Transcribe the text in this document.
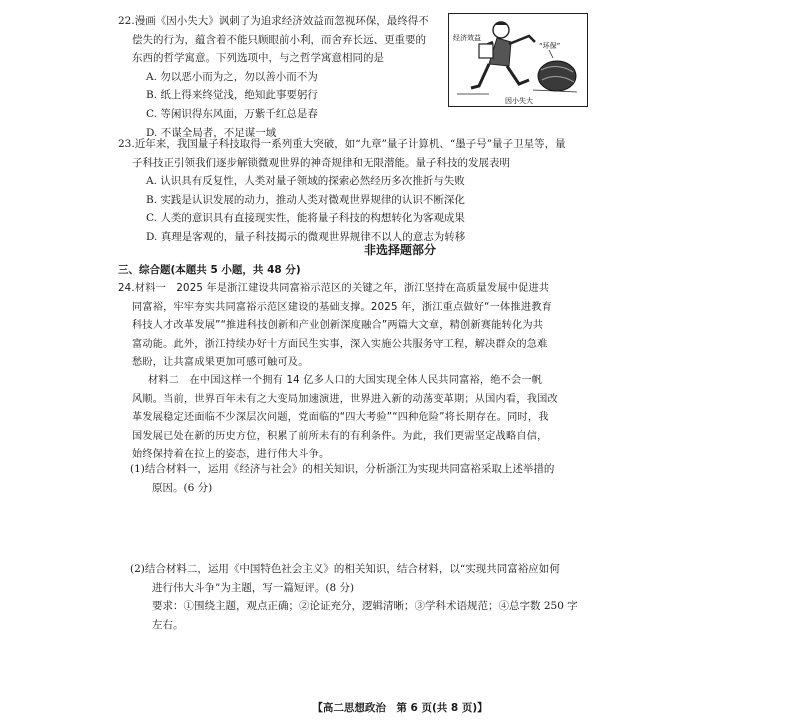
22.漫画《因小失大》讽刺了为追求经济效益而忽视环保，最终得不
偿失的行为，蕴含着不能只顾眼前小利，而舍弃长远、更重要的
东西的哲学寓意。下列选项中，与之哲学寓意相同的是
A. 勿以恶小而为之，勿以善小而不为
B. 纸上得来终觉浅，绝知此事要躬行
C. 等闲识得东风面，万紫千红总是春
D. 不谋全局者，不足谋一域
经济效益
“环保”
因小失大
23.近年来，我国量子科技取得一系列重大突破，如“九章”量子计算机、“墨子号”量子卫星等，量
子科技正引领我们逐步解锁微观世界的神奇规律和无限潜能。量子科技的发展表明
A. 认识具有反复性，人类对量子领域的探索必然经历多次推折与失败
B. 实践是认识发展的动力，推动人类对微观世界规律的认识不断深化
C. 人类的意识具有直接现实性，能将量子科技的构想转化为客观成果
D. 真理是客观的，量子科技揭示的微观世界规律不以人的意志为转移
非选择题部分
三、综合题(本题共 5 小题，共 48 分)
24.材料一　2025 年是浙江建设共同富裕示范区的关键之年，浙江坚持在高质量发展中促进共
同富裕，牢牢夯实共同富裕示范区建设的基础支撑。2025 年，浙江重点做好“一体推进教育
科技人才改革发展”“推进科技创新和产业创新深度融合”两篇大文章，精创新赛能转化为共
富动能。此外，浙江持续办好十方面民生实事，深入实施公共服务守工程，解决群众的急难
愁盼，让共富成果更加可感可触可及。
材料二　在中国这样一个拥有 14 亿多人口的大国实现全体人民共同富裕，绝不会一帆
风顺。当前，世界百年未有之大变局加速演进，世界进入新的动荡变革期；从国内看，我国改
革发展稳定还面临不少深层次问题，党面临的“四大考验”“四种危险”将长期存在。同时，我
国发展已处在新的历史方位，积累了前所未有的有利条件。为此，我们更需坚定战略自信，
始终保持着在拉上的姿态，进行伟大斗争。
(1)结合材料一，运用《经济与社会》的相关知识，分析浙江为实现共同富裕采取上述举措的
原因。(6 分)
(2)结合材料二，运用《中国特色社会主义》的相关知识，结合材料，以“实现共同富裕应如何
进行伟大斗争”为主题，写一篇短评。(8 分)
要求：①围绕主题，观点正确；②论证充分，逻辑清晰；③学科术语规范；④总字数 250 字
左右。
【高二思想政治　第 6 页(共 8 页)】
